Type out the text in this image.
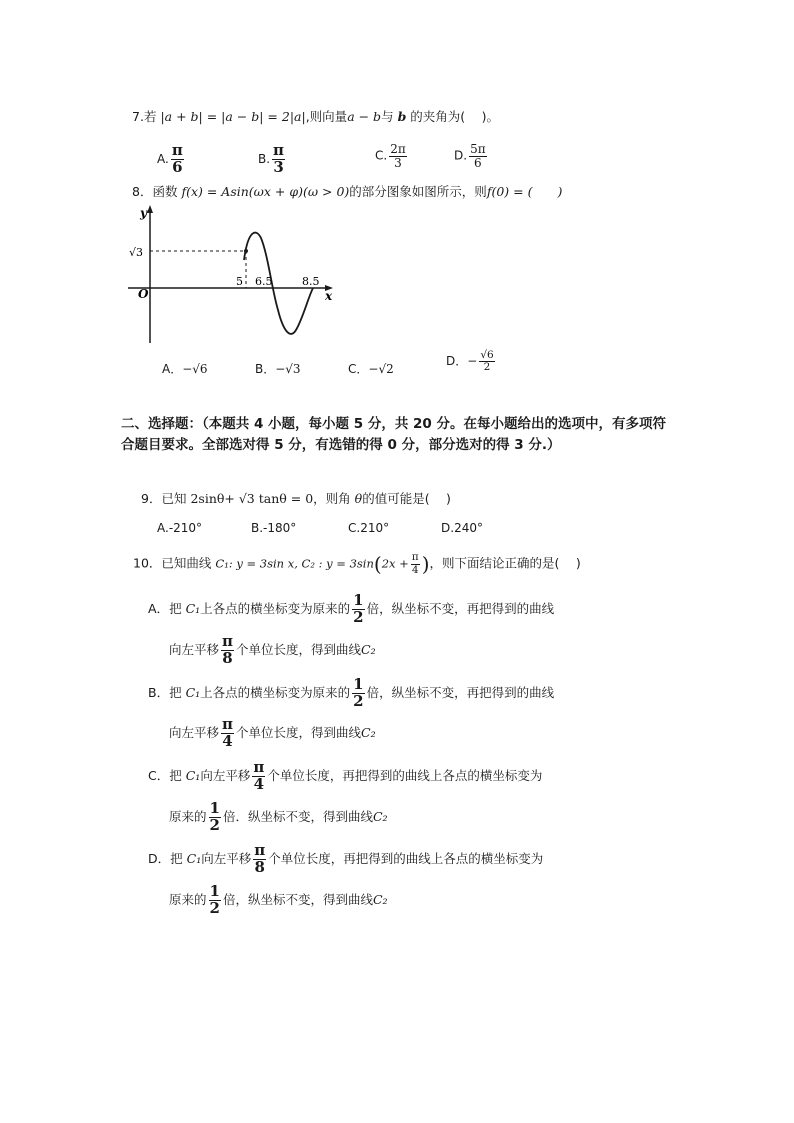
7.若 |a + b| = |a − b| = 2|a|,则向量a − b与 b 的夹角为(　 )。
A. $\frac{\pi}{6}$	B. $\frac{\pi}{3}$	C. $\frac{2\pi}{3}$	D. $\frac{5\pi}{6}$
8．函数 f(x) = Asin(ωx + φ)(ω > 0)的部分图象如图所示，则f(0) = (　　)
y
x
O
√3
5 6.5	8.5
A．−√6	B．−√3	C．−√2
D．− $\frac{√6}{2}$
二、选择题：（本题共 4 小题，每小题 5 分，共 20 分。在每小题给出的选项中，有多项符
合题目要求。全部选对得 5 分，有选错的得 0 分，部分选对的得 3 分.）
9．已知 2sinθ+ √3 tanθ = 0，则角 θ的值可能是(　 )
A.-210°	B.-180°	C.210°	D.240°
10．已知曲线 C₁: y = 3sin x, C₂ : $y = 3\sin(2x + \frac{\pi}{4}$ )，则下面结论正确的是(　 )
A．把 C₁上各点的横坐标变为原来的 $\frac{1}{2}$ 倍，纵坐标不变，再把得到的曲线
向左平移 $\frac{\pi}{8}$ 个单位长度，得到曲线C₂
B．把 C₁上各点的横坐标变为原来的 $\frac{1}{2}$ 倍，纵坐标不变，再把得到的曲线
向左平移 $\frac{\pi}{4}$ 个单位长度，得到曲线C₂
C．把 C₁向左平移 $\frac{\pi}{4}$ 个单位长度，再把得到的曲线上各点的横坐标变为
原来的 $\frac{1}{2}$ 倍．纵坐标不变，得到曲线C₂
D．把 C₁向左平移 $\frac{\pi}{8}$ 个单位长度，再把得到的曲线上各点的横坐标变为
原来的 $\frac{1}{2}$ 倍，纵坐标不变，得到曲线C₂
